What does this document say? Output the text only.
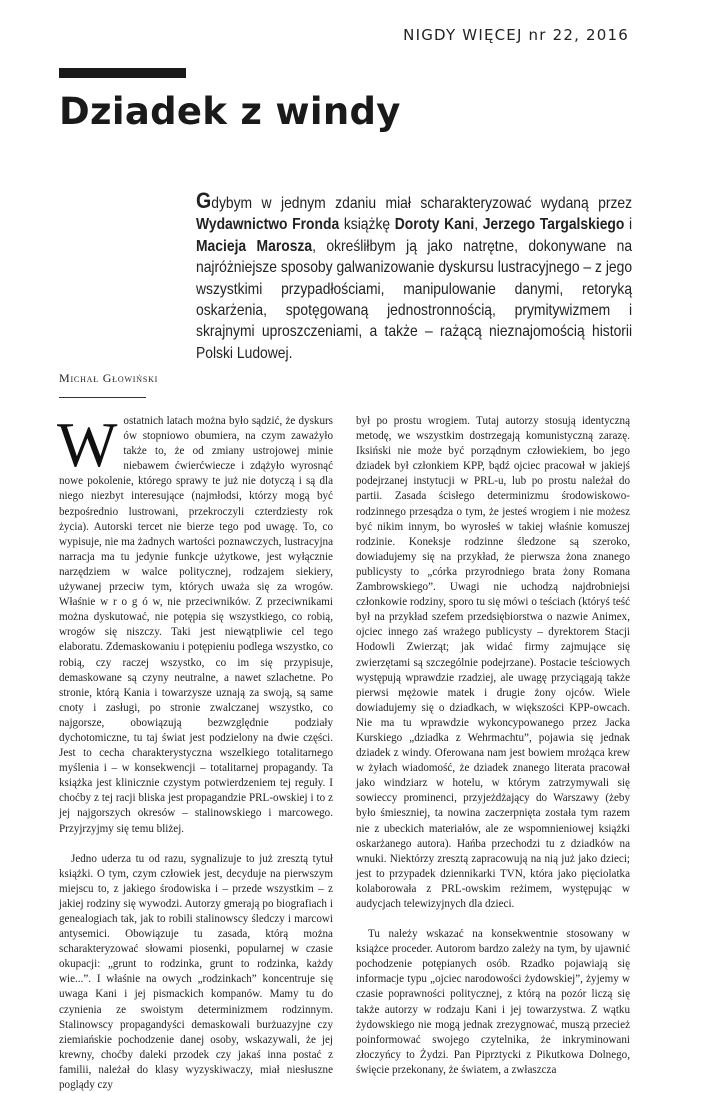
NIGDY WIĘCEJ nr 22, 2016
Dziadek z windy

Gdybym w jednym zdaniu miał scharakteryzować wydaną przez Wydawnictwo Fronda książkę Doroty Kani, Jerzego Targalskiego i Macieja Marosza, określiłbym ją jako natrętne, dokonywane na najróżniejsze sposoby galwanizowanie dyskursu lustracyjnego – z jego wszystkimi przypadłościami, manipulowanie danymi, retoryką oskarżenia, spotęgowaną jednostronnością, prymitywizmem i skrajnymi uproszczeniami, a także – rażącą nieznajomością historii Polski Ludowej.

Michał Głowiński

Wostatnich latach można było sądzić, że dyskurs ów stopniowo obumiera, na czym zaważyło także to, że od zmiany ustrojowej minie niebawem ćwierćwiecze i zdążyło wyrosnąć nowe pokolenie, którego sprawy te już nie dotyczą i są dla niego niezbyt interesujące (najmłodsi, którzy mogą być bezpośrednio lustrowani, przekroczyli czterdziesty rok życia). Autorski tercet nie bierze tego pod uwagę. To, co wypisuje, nie ma żadnych wartości poznawczych, lustracyjna narracja ma tu jedynie funkcje użytkowe, jest wyłącznie narzędziem w walce politycznej, rodzajem siekiery, używanej przeciw tym, których uważa się za wrogów. Właśnie w r o g ó w, nie przeciwników. Z przeciwnikami można dyskutować, nie potępia się wszystkiego, co robią, wrogów się niszczy. Taki jest niewątpliwie cel tego elaboratu. Zdemaskowaniu i potępieniu podlega wszystko, co robią, czy raczej wszystko, co im się przypisuje, demaskowane są czyny neutralne, a nawet szlachetne. Po stronie, którą Kania i towarzysze uznają za swoją, są same cnoty i zasługi, po stronie zwalczanej wszystko, co najgorsze, obowiązują bezwzględnie podziały dychotomiczne, tu taj świat jest podzielony na dwie części. Jest to cecha charakterystyczna wszelkiego totalitarnego myślenia i – w konsekwencji – totalitarnej propagandy. Ta książka jest klinicznie czystym potwierdzeniem tej reguły. I choćby z tej racji bliska jest propagandzie PRL-owskiej i to z jej najgorszych okresów – stalinowskiego i marcowego. Przyjrzyjmy się temu bliżej.

Jedno uderza tu od razu, sygnalizuje to już zresztą tytuł książki. O tym, czym człowiek jest, decyduje na pierwszym miejscu to, z jakiego środowiska i – przede wszystkim – z jakiej rodziny się wywodzi. Autorzy gmerają po biografiach i genealogiach tak, jak to robili stalinowscy śledczy i marcowi antysemici. Obowiązuje tu zasada, którą można scharakteryzować słowami piosenki, popularnej w czasie okupacji: „grunt to rodzinka, grunt to rodzinka, każdy wie...”. I właśnie na owych „rodzinkach” koncentruje się uwaga Kani i jej pismackich kompanów. Mamy tu do czynienia ze swoistym determinizmem rodzinnym. Stalinowscy propagandyści demaskowali burżuazyjne czy ziemiańskie pochodzenie danej osoby, wskazywali, że jej krewny, choćby daleki przodek czy jakaś inna postać z familii, należał do klasy wyzyskiwaczy, miał niesłuszne poglądy czy

był po prostu wrogiem. Tutaj autorzy stosują identyczną metodę, we wszystkim dostrzegają komunistyczną zarazę. Iksiński nie może być porządnym człowiekiem, bo jego dziadek był członkiem KPP, bądź ojciec pracował w jakiejś podejrzanej instytucji w PRL-u, lub po prostu należał do partii. Zasada ścisłego determinizmu środowiskowo-rodzinnego przesądza o tym, że jesteś wrogiem i nie możesz być nikim innym, bo wyrosłeś w takiej właśnie komuszej rodzinie. Koneksje rodzinne śledzone są szeroko, dowiadujemy się na przykład, że pierwsza żona znanego publicysty to „córka przyrodniego brata żony Romana Zambrowskiego”. Uwagi nie uchodzą najdrobniejsi członkowie rodziny, sporo tu się mówi o teściach (któryś teść był na przykład szefem przedsiębiorstwa o nazwie Animex, ojciec innego zaś wrażego publicysty – dyrektorem Stacji Hodowli Zwierząt; jak widać firmy zajmujące się zwierzętami są szczególnie podejrzane). Postacie teściowych występują wprawdzie rzadziej, ale uwagę przyciągają także pierwsi mężowie matek i drugie żony ojców. Wiele dowiadujemy się o dziadkach, w większości KPP-owcach. Nie ma tu wprawdzie wykoncypowanego przez Jacka Kurskiego „dziadka z Wehrmachtu”, pojawia się jednak dziadek z windy. Oferowana nam jest bowiem mrożąca krew w żyłach wiadomość, że dziadek znanego literata pracował jako windziarz w hotelu, w którym zatrzymywali się sowieccy prominenci, przyjeżdżający do Warszawy (żeby było śmieszniej, ta nowina zaczerpnięta została tym razem nie z ubeckich materiałów, ale ze wspomnieniowej książki oskarżanego autora). Hańba przechodzi tu z dziadków na wnuki. Niektórzy zresztą zapracowują na nią już jako dzieci; jest to przypadek dziennikarki TVN, która jako pięciolatka kolaborowała z PRL-owskim reżimem, występując w audycjach telewizyjnych dla dzieci.

Tu należy wskazać na konsekwentnie stosowany w książce proceder. Autorom bardzo zależy na tym, by ujawnić pochodzenie potępianych osób. Rzadko pojawiają się informacje typu „ojciec narodowości żydowskiej”, żyjemy w czasie poprawności politycznej, z którą na pozór liczą się także autorzy w rodzaju Kani i jej towarzystwa. Z wątku żydowskiego nie mogą jednak zrezygnować, muszą przecież poinformować swojego czytelnika, że inkryminowani złoczyńcy to Żydzi. Pan Piprztycki z Pikutkowa Dolnego, święcie przekonany, że światem, a zwłaszcza
